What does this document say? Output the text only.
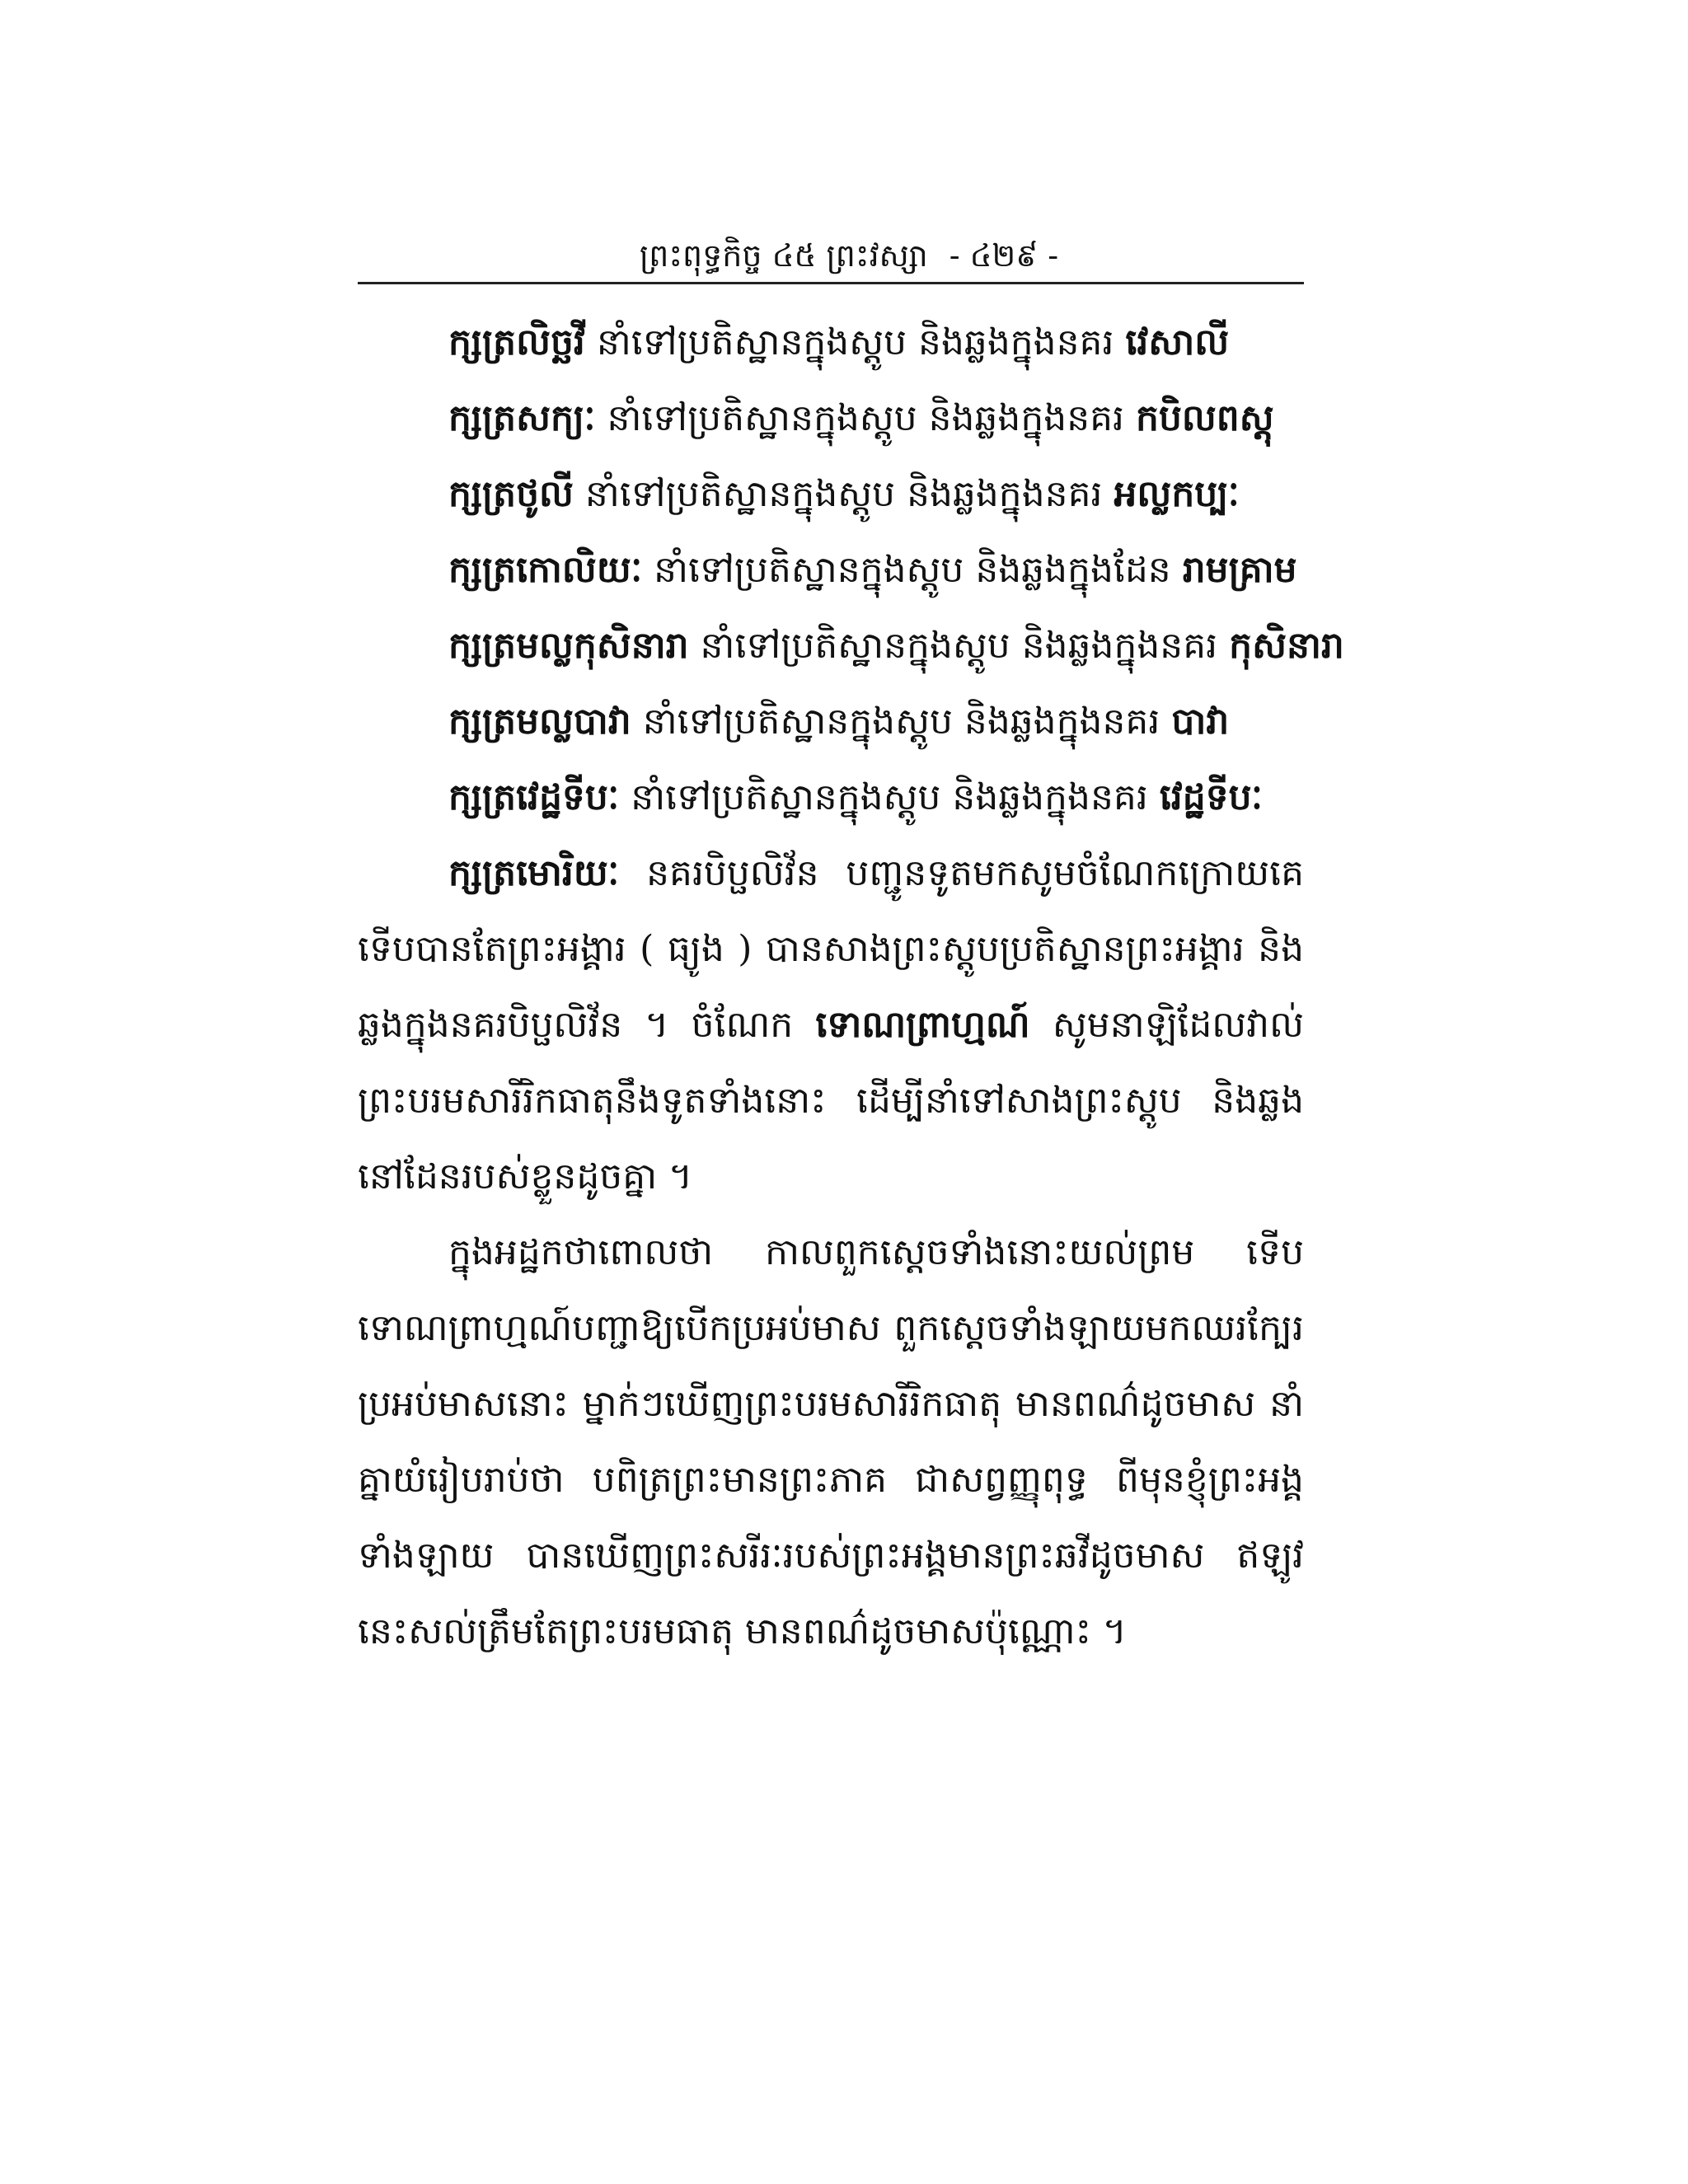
ព្រះពុទ្ធកិច្ច ៤៥ ព្រះវស្សា - ៤២៩ -
ក្សត្រលិច្ឆវី នាំទៅប្រតិស្ឋានក្នុងស្តូប និងឆ្លងក្នុងនគរ វេសាលី
ក្សត្រសក្យៈ នាំទៅប្រតិស្ឋានក្នុងស្តូប និងឆ្លងក្នុងនគរ កបិលពស្តុ
ក្សត្រថូលី នាំទៅប្រតិស្ឋានក្នុងស្តូប និងឆ្លងក្នុងនគរ អល្លកប្បៈ
ក្សត្រកោលិយៈ នាំទៅប្រតិស្ឋានក្នុងស្តូប និងឆ្លងក្នុងដែន រាមគ្រាម
ក្សត្រមល្លកុសិនារា នាំទៅប្រតិស្ឋានក្នុងស្តូប និងឆ្លងក្នុងនគរ កុសិនារា
ក្សត្រមល្លបាវា នាំទៅប្រតិស្ឋានក្នុងស្តូប និងឆ្លងក្នុងនគរ បាវា
ក្សត្រវេដ្ឋទីបៈ នាំទៅប្រតិស្ឋានក្នុងស្តូប និងឆ្លងក្នុងនគរ វេដ្ឋទីបៈ

ក្សត្រមោរិយៈ នគរបិប្ផលិវ័ន បញ្ជូនទូតមកសូមចំណែកក្រោយគេ ទើបបានតែព្រះអង្គារ ( ធ្យូង ) បានសាងព្រះស្តូបប្រតិស្ឋានព្រះអង្គារ និងឆ្លងក្នុងនគរបិប្ផលិវ័ន ។ ចំណែក ទោណព្រាហ្មណ៍ សូមនាឡិដែលវាល់ព្រះបរមសារីរិកធាតុនឹងទូតទាំងនោះ ដើម្បីនាំទៅសាងព្រះស្តូប និងឆ្លងនៅដែនរបស់ខ្លួនដូចគ្នា ។

ក្នុងអដ្ឋកថាពោលថា កាលពួកស្តេចទាំងនោះយល់ព្រម ទើបទោណព្រាហ្មណ៍បញ្ជាឱ្យបើកប្រអប់មាស ពួកស្តេចទាំងឡាយមកឈរក្បែរប្រអប់មាសនោះ ម្នាក់ៗឃើញព្រះបរមសារីរិកធាតុ មានពណ៌ដូចមាស នាំគ្នាយំរៀបរាប់ថា បពិត្រព្រះមានព្រះភាគ ជាសព្វញ្ញុពុទ្ធ ពីមុនខ្ញុំព្រះអង្គទាំងឡាយ បានឃើញព្រះសរីរៈរបស់ព្រះអង្គមានព្រះឆវីដូចមាស ឥឡូវនេះសល់ត្រឹមតែព្រះបរមធាតុ មានពណ៌ដូចមាសប៉ុណ្ណោះ ។
